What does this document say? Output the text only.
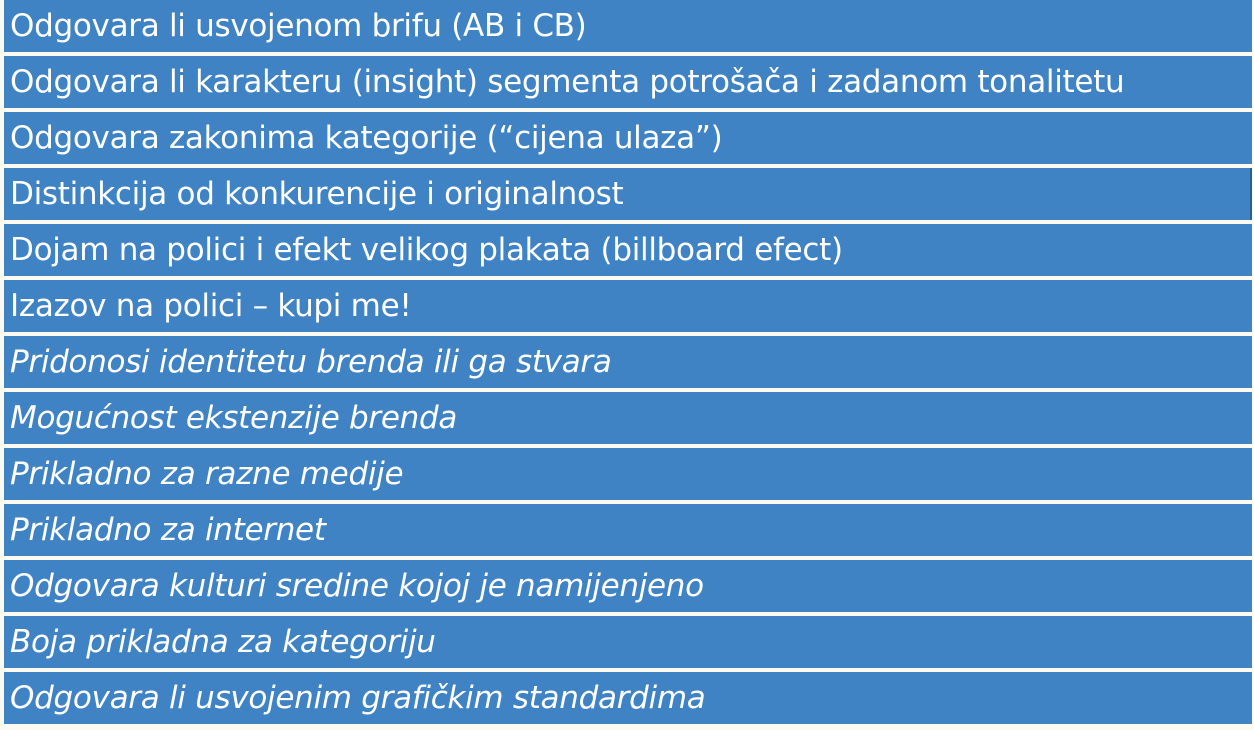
Odgovara li usvojenom brifu (AB i CB)
Odgovara li karakteru (insight) segmenta potrošača i zadanom tonalitetu
Odgovara zakonima kategorije (“cijena ulaza”)
Distinkcija od konkurencije i originalnost
Dojam na polici i efekt velikog plakata (billboard efect)
Izazov na polici – kupi me!
Pridonosi identitetu brenda ili ga stvara
Mogućnost ekstenzije brenda
Prikladno za razne medije
Prikladno za internet
Odgovara kulturi sredine kojoj je namijenjeno
Boja prikladna za kategoriju
Odgovara li usvojenim grafičkim standardima
